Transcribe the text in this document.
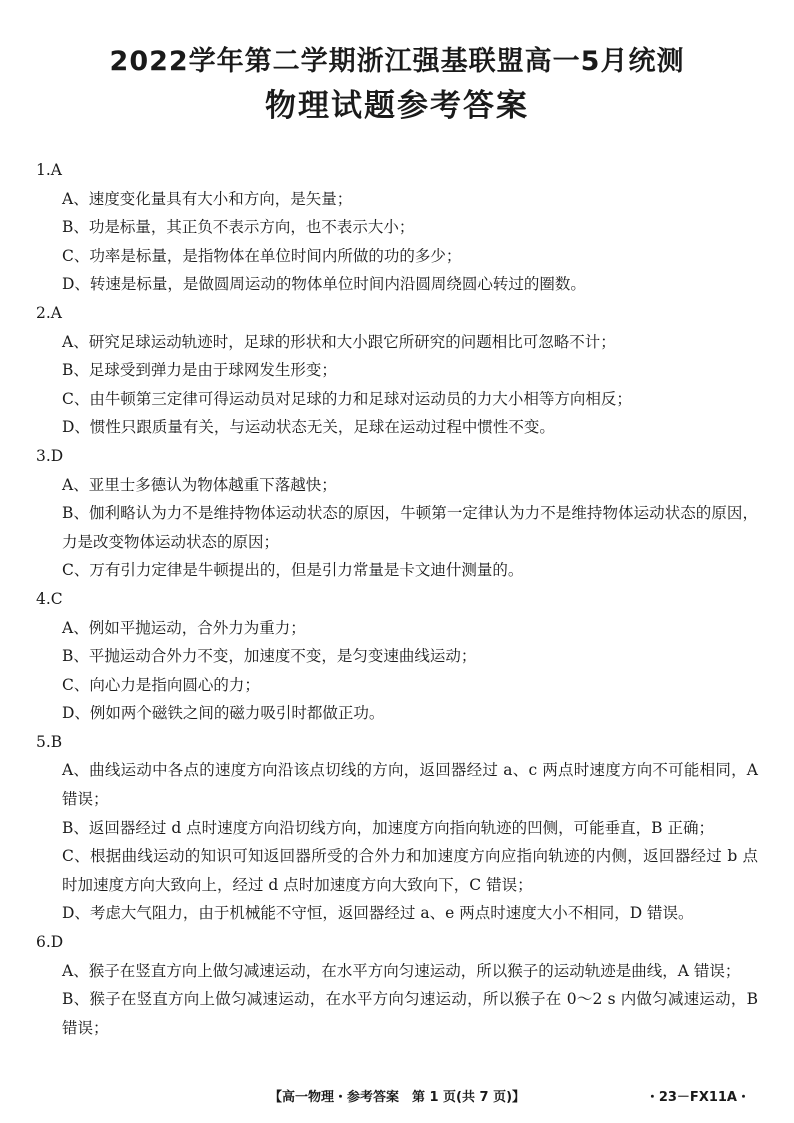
2022学年第二学期浙江强基联盟高一5月统测
物理试题参考答案

1.A

A、速度变化量具有大小和方向，是矢量；

B、功是标量，其正负不表示方向，也不表示大小；

C、功率是标量，是指物体在单位时间内所做的功的多少；

D、转速是标量，是做圆周运动的物体单位时间内沿圆周绕圆心转过的圈数。

2.A

A、研究足球运动轨迹时，足球的形状和大小跟它所研究的问题相比可忽略不计；

B、足球受到弹力是由于球网发生形变；

C、由牛顿第三定律可得运动员对足球的力和足球对运动员的力大小相等方向相反；

D、惯性只跟质量有关，与运动状态无关，足球在运动过程中惯性不变。

3.D

A、亚里士多德认为物体越重下落越快；

B、伽利略认为力不是维持物体运动状态的原因，牛顿第一定律认为力不是维持物体运动状态的原因，力是改变物体运动状态的原因；

C、万有引力定律是牛顿提出的，但是引力常量是卡文迪什测量的。

4.C

A、例如平抛运动，合外力为重力；

B、平抛运动合外力不变，加速度不变，是匀变速曲线运动；

C、向心力是指向圆心的力；

D、例如两个磁铁之间的磁力吸引时都做正功。

5.B

A、曲线运动中各点的速度方向沿该点切线的方向，返回器经过 a、c 两点时速度方向不可能相同，A 错误；

B、返回器经过 d 点时速度方向沿切线方向，加速度方向指向轨迹的凹侧，可能垂直，B 正确；

C、根据曲线运动的知识可知返回器所受的合外力和加速度方向应指向轨迹的内侧，返回器经过 b 点时加速度方向大致向上，经过 d 点时加速度方向大致向下，C 错误；

D、考虑大气阻力，由于机械能不守恒，返回器经过 a、e 两点时速度大小不相同，D 错误。

6.D

A、猴子在竖直方向上做匀减速运动，在水平方向匀速运动，所以猴子的运动轨迹是曲线，A 错误；

B、猴子在竖直方向上做匀减速运动，在水平方向匀速运动，所以猴子在 0～2 s 内做匀减速运动，B 错误；

【高一物理・参考答案　第 1 页(共 7 页)】	・23－FX11A・
